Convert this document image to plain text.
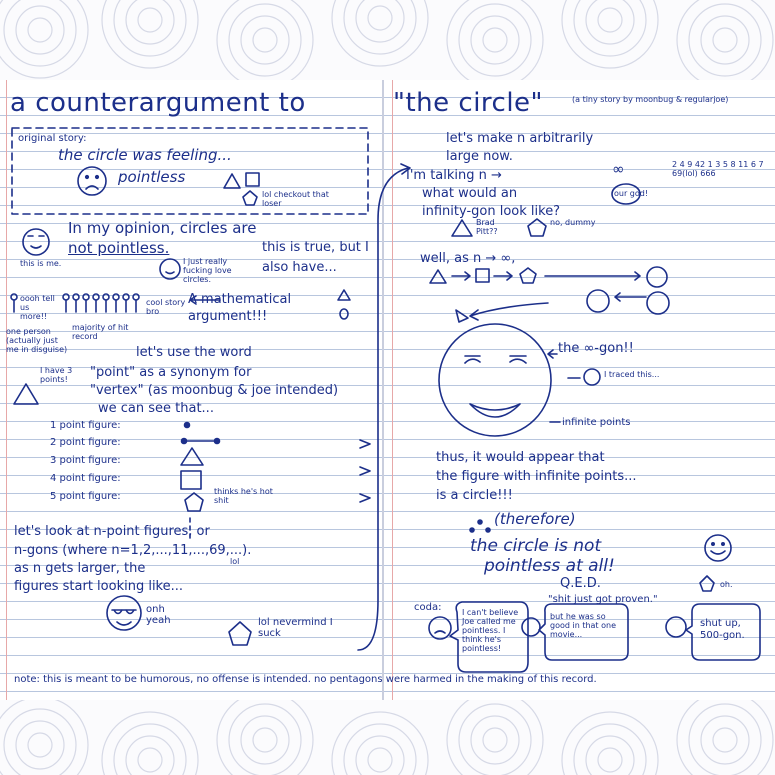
a counterargument to	"the circle"	(a tiny story by moonbug & regularjoe)
original story:
the circle was feeling...
pointless
lol checkout that loser
In my opinion, circles are
not pointless.
this is me.	I just really fucking love circles.
this is true, but I also have...
A mathematical argument!!!
oooh tell us more!!
cool story bro
one person (actually just me in disguise)
majority of hit record
I have 3 points!
let's use the word
"point" as a synonym for
"vertex" (as moonbug & joe intended)
we can see that...
1 point figure:
2 point figure:
3 point figure:
4 point figure:
5 point figure:	thinks he's hot shit
let's look at n-point figures, or
n-gons (where n=1,2,...,11,...,69,...).
lol
as n gets larger, the
figures start looking like...
onh yeah	lol nevermind I suck
let's make n arbitrarily
large now.
I'm talking n →	∞
what would an
infinity-gon look like?
2 4 9 42 1 3 5 8 11 6 7 69(lol) 666
our god!
Brad Pitt??
no, dummy
well, as n → ∞,
the ∞-gon!!
I traced this...
infinite points
thus, it would appear that
the figure with infinite points...
is a circle!!!
(therefore)
the circle is not
pointless at all!
Q.E.D.	oh.
"shit just got proven."
coda:	I can't believe Joe called me pointless. I think he's pointless!
but he was so good in that one movie...
shut up, 500-gon.
note: this is meant to be humorous, no offense is intended. no pentagons were harmed in the making of this record.
